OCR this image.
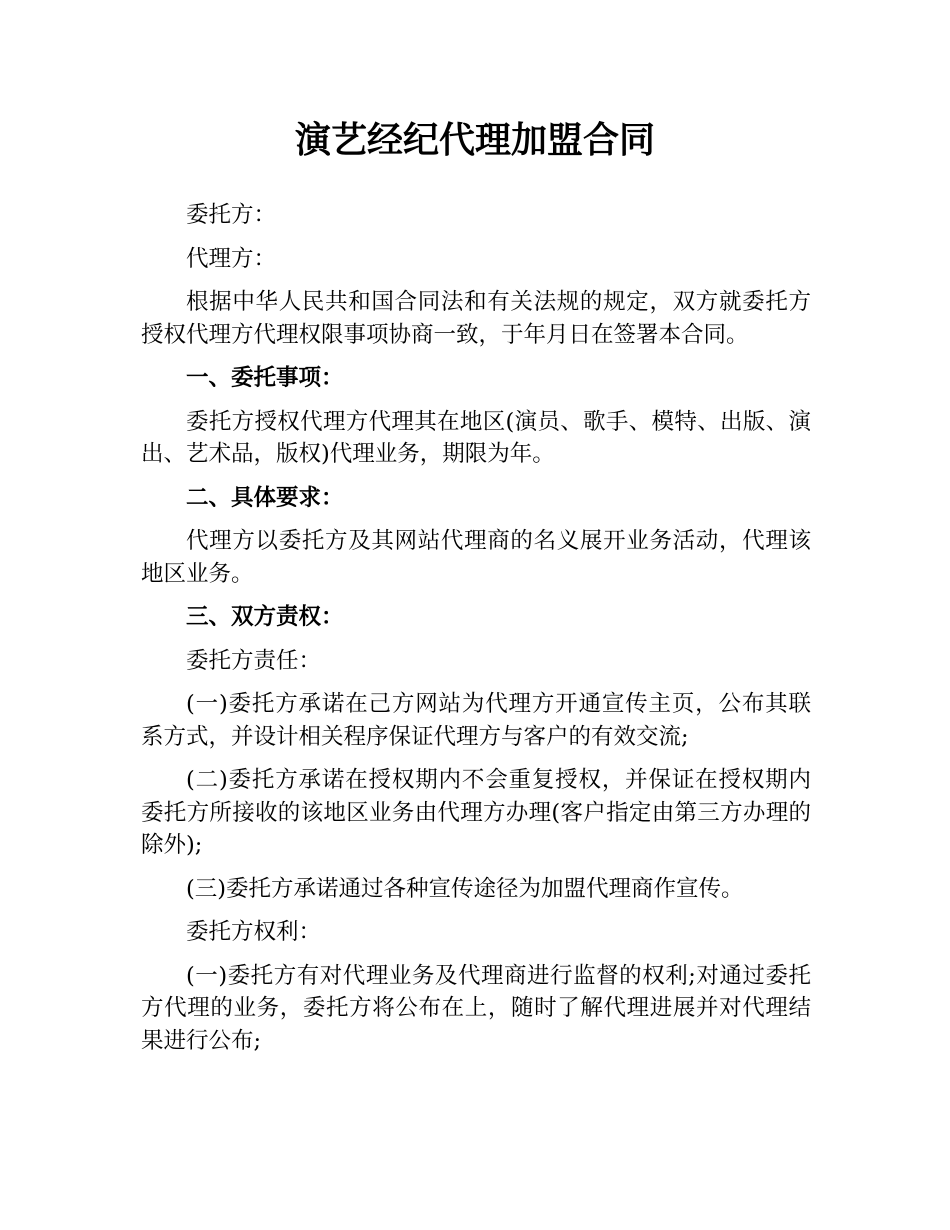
演艺经纪代理加盟合同

委托方：

代理方：

根据中华人民共和国合同法和有关法规的规定，双方就委托方授权代理方代理权限事项协商一致，于年月日在签署本合同。

一、委托事项：

委托方授权代理方代理其在地区(演员、歌手、模特、出版、演出、艺术品，版权)代理业务，期限为年。

二、具体要求：

代理方以委托方及其网站代理商的名义展开业务活动，代理该地区业务。

三、双方责权：

委托方责任：

(一)委托方承诺在己方网站为代理方开通宣传主页，公布其联系方式，并设计相关程序保证代理方与客户的有效交流;

(二)委托方承诺在授权期内不会重复授权，并保证在授权期内委托方所接收的该地区业务由代理方办理(客户指定由第三方办理的除外);

(三)委托方承诺通过各种宣传途径为加盟代理商作宣传。

委托方权利：

(一)委托方有对代理业务及代理商进行监督的权利;对通过委托方代理的业务，委托方将公布在上，随时了解代理进展并对代理结果进行公布;
